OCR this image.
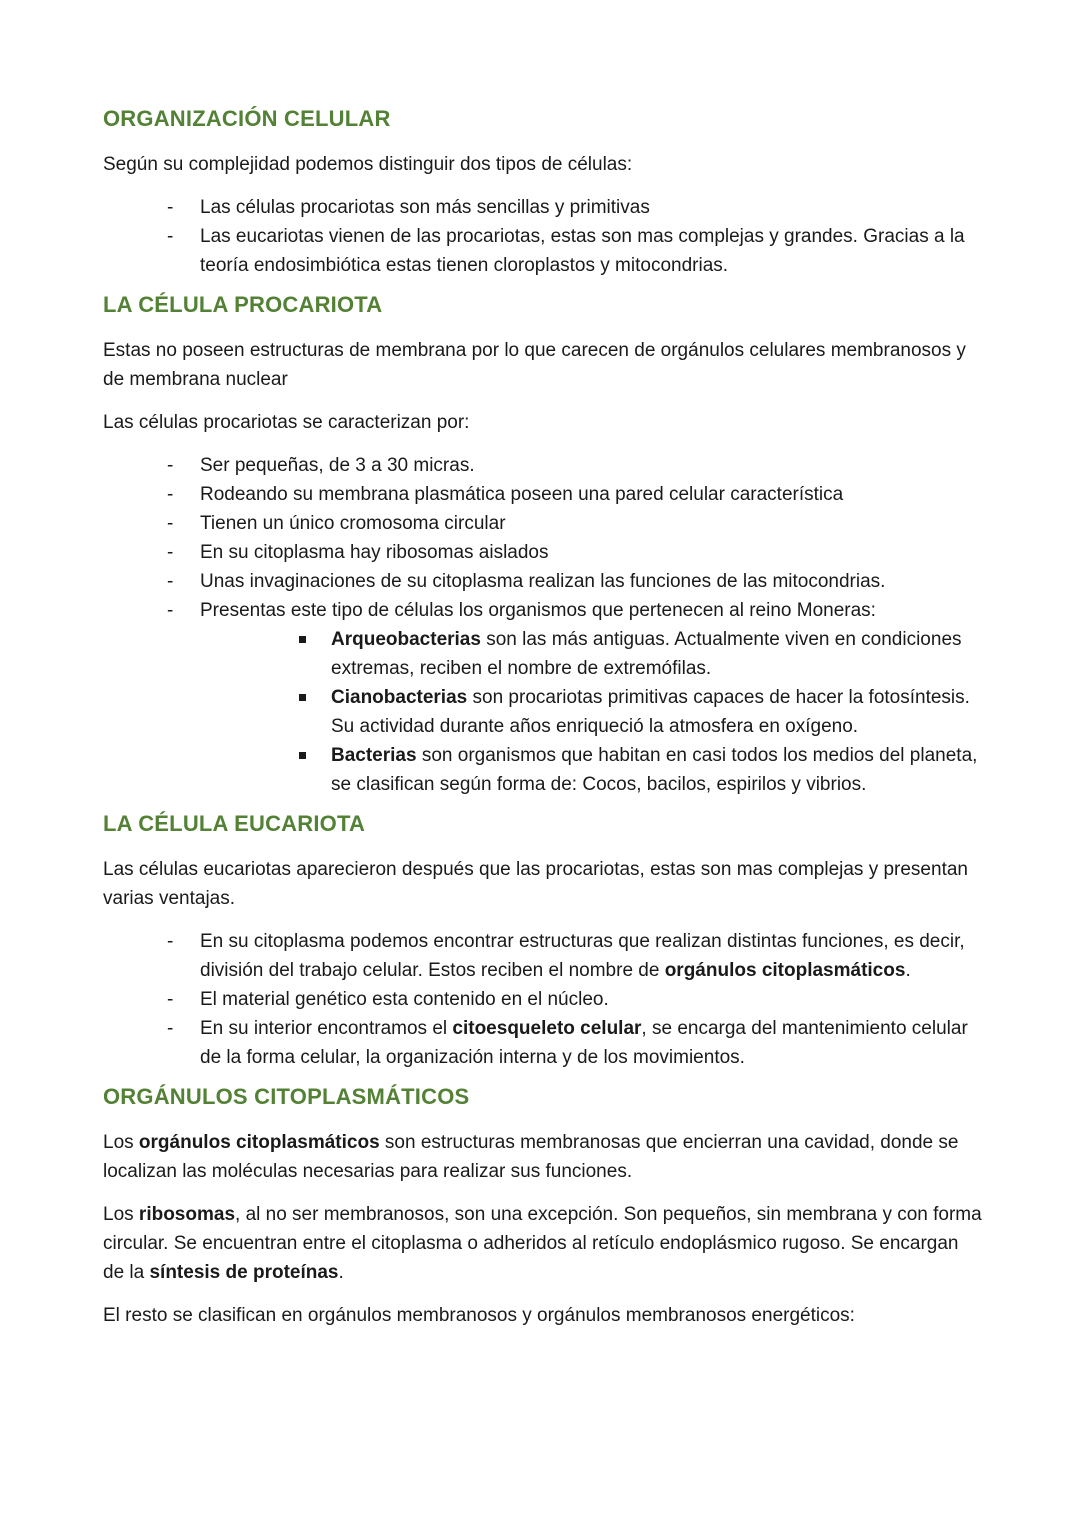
ORGANIZACIÓN CELULAR

Según su complejidad podemos distinguir dos tipos de células:

- Las células procariotas son más sencillas y primitivas
- Las eucariotas vienen de las procariotas, estas son mas complejas y grandes. Gracias a la teoría endosimbiótica estas tienen cloroplastos y mitocondrias.
LA CÉLULA PROCARIOTA

Estas no poseen estructuras de membrana por lo que carecen de orgánulos celulares membranosos y de membrana nuclear

Las células procariotas se caracterizan por:

- Ser pequeñas, de 3 a 30 micras.
- Rodeando su membrana plasmática poseen una pared celular característica
- Tienen un único cromosoma circular
- En su citoplasma hay ribosomas aislados
- Unas invaginaciones de su citoplasma realizan las funciones de las mitocondrias.
- Presentas este tipo de células los organismos que pertenecen al reino Moneras:
Arqueobacterias son las más antiguas. Actualmente viven en condiciones extremas, reciben el nombre de extremófilas.
Cianobacterias son procariotas primitivas capaces de hacer la fotosíntesis. Su actividad durante años enriqueció la atmosfera en oxígeno.
Bacterias son organismos que habitan en casi todos los medios del planeta, se clasifican según forma de: Cocos, bacilos, espirilos y vibrios.
LA CÉLULA EUCARIOTA

Las células eucariotas aparecieron después que las procariotas, estas son mas complejas y presentan varias ventajas.

- En su citoplasma podemos encontrar estructuras que realizan distintas funciones, es decir, división del trabajo celular. Estos reciben el nombre de orgánulos citoplasmáticos.
- El material genético esta contenido en el núcleo.
- En su interior encontramos el citoesqueleto celular, se encarga del mantenimiento celular de la forma celular, la organización interna y de los movimientos.
ORGÁNULOS CITOPLASMÁTICOS

Los orgánulos citoplasmáticos son estructuras membranosas que encierran una cavidad, donde se localizan las moléculas necesarias para realizar sus funciones.

Los ribosomas, al no ser membranosos, son una excepción. Son pequeños, sin membrana y con forma circular. Se encuentran entre el citoplasma o adheridos al retículo endoplásmico rugoso. Se encargan de la síntesis de proteínas.

El resto se clasifican en orgánulos membranosos y orgánulos membranosos energéticos:
